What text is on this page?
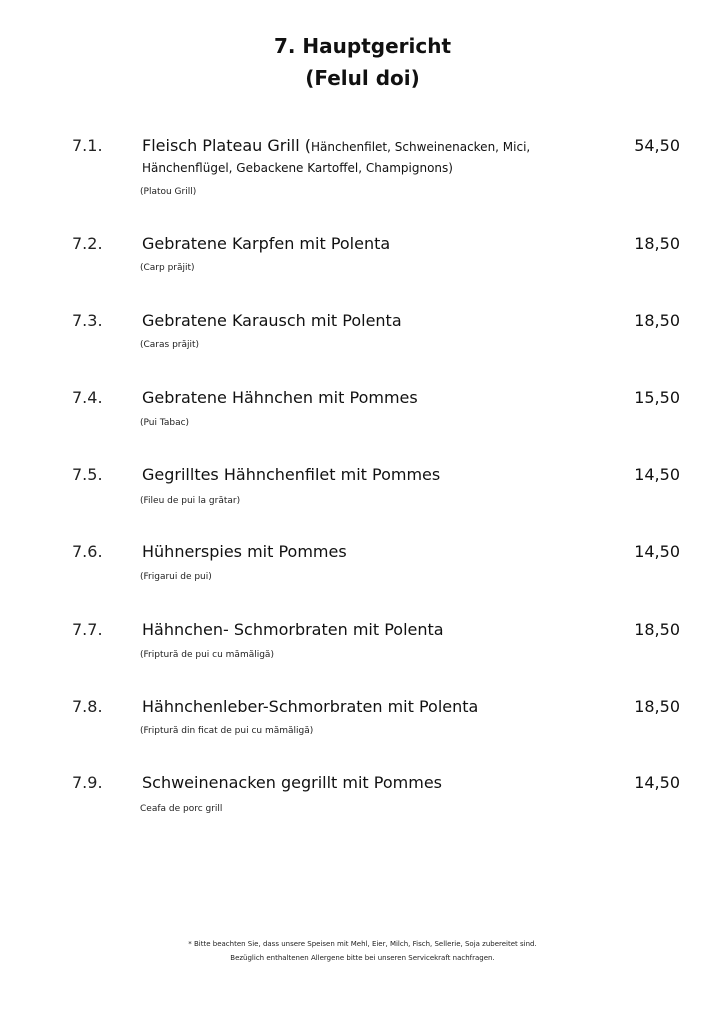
7. Hauptgericht
(Felul doi)
7.1. Fleisch Plateau Grill (Hänchenfilet, Schweinenacken, Mici, Hänchenflügel, Gebackene Kartoffel, Champignons)
(Platou Grill)
54,50
7.2. Gebratene Karpfen mit Polenta
(Carp prăjit)
18,50
7.3. Gebratene Karausch mit Polenta
(Caras prăjit)
18,50
7.4. Gebratene Hähnchen mit Pommes
(Pui Tabac)
15,50
7.5. Gegrilltes Hähnchenfilet mit Pommes
(Fileu de pui la grătar)
14,50
7.6. Hühnerspies mit Pommes
(Frigarui de pui)
14,50
7.7. Hähnchen- Schmorbraten mit Polenta
(Friptură de pui cu mămăligă)
18,50
7.8. Hähnchenleber-Schmorbraten mit Polenta
(Friptură din ficat de pui cu mămăligă)
18,50
7.9. Schweinenacken gegrillt mit Pommes
Ceafa de porc grill
14,50
* Bitte beachten Sie, dass unsere Speisen mit Mehl, Eier, Milch, Fisch, Sellerie, Soja zubereitet sind.
Bezüglich enthaltenen Allergene bitte bei unseren Servicekraft nachfragen.
